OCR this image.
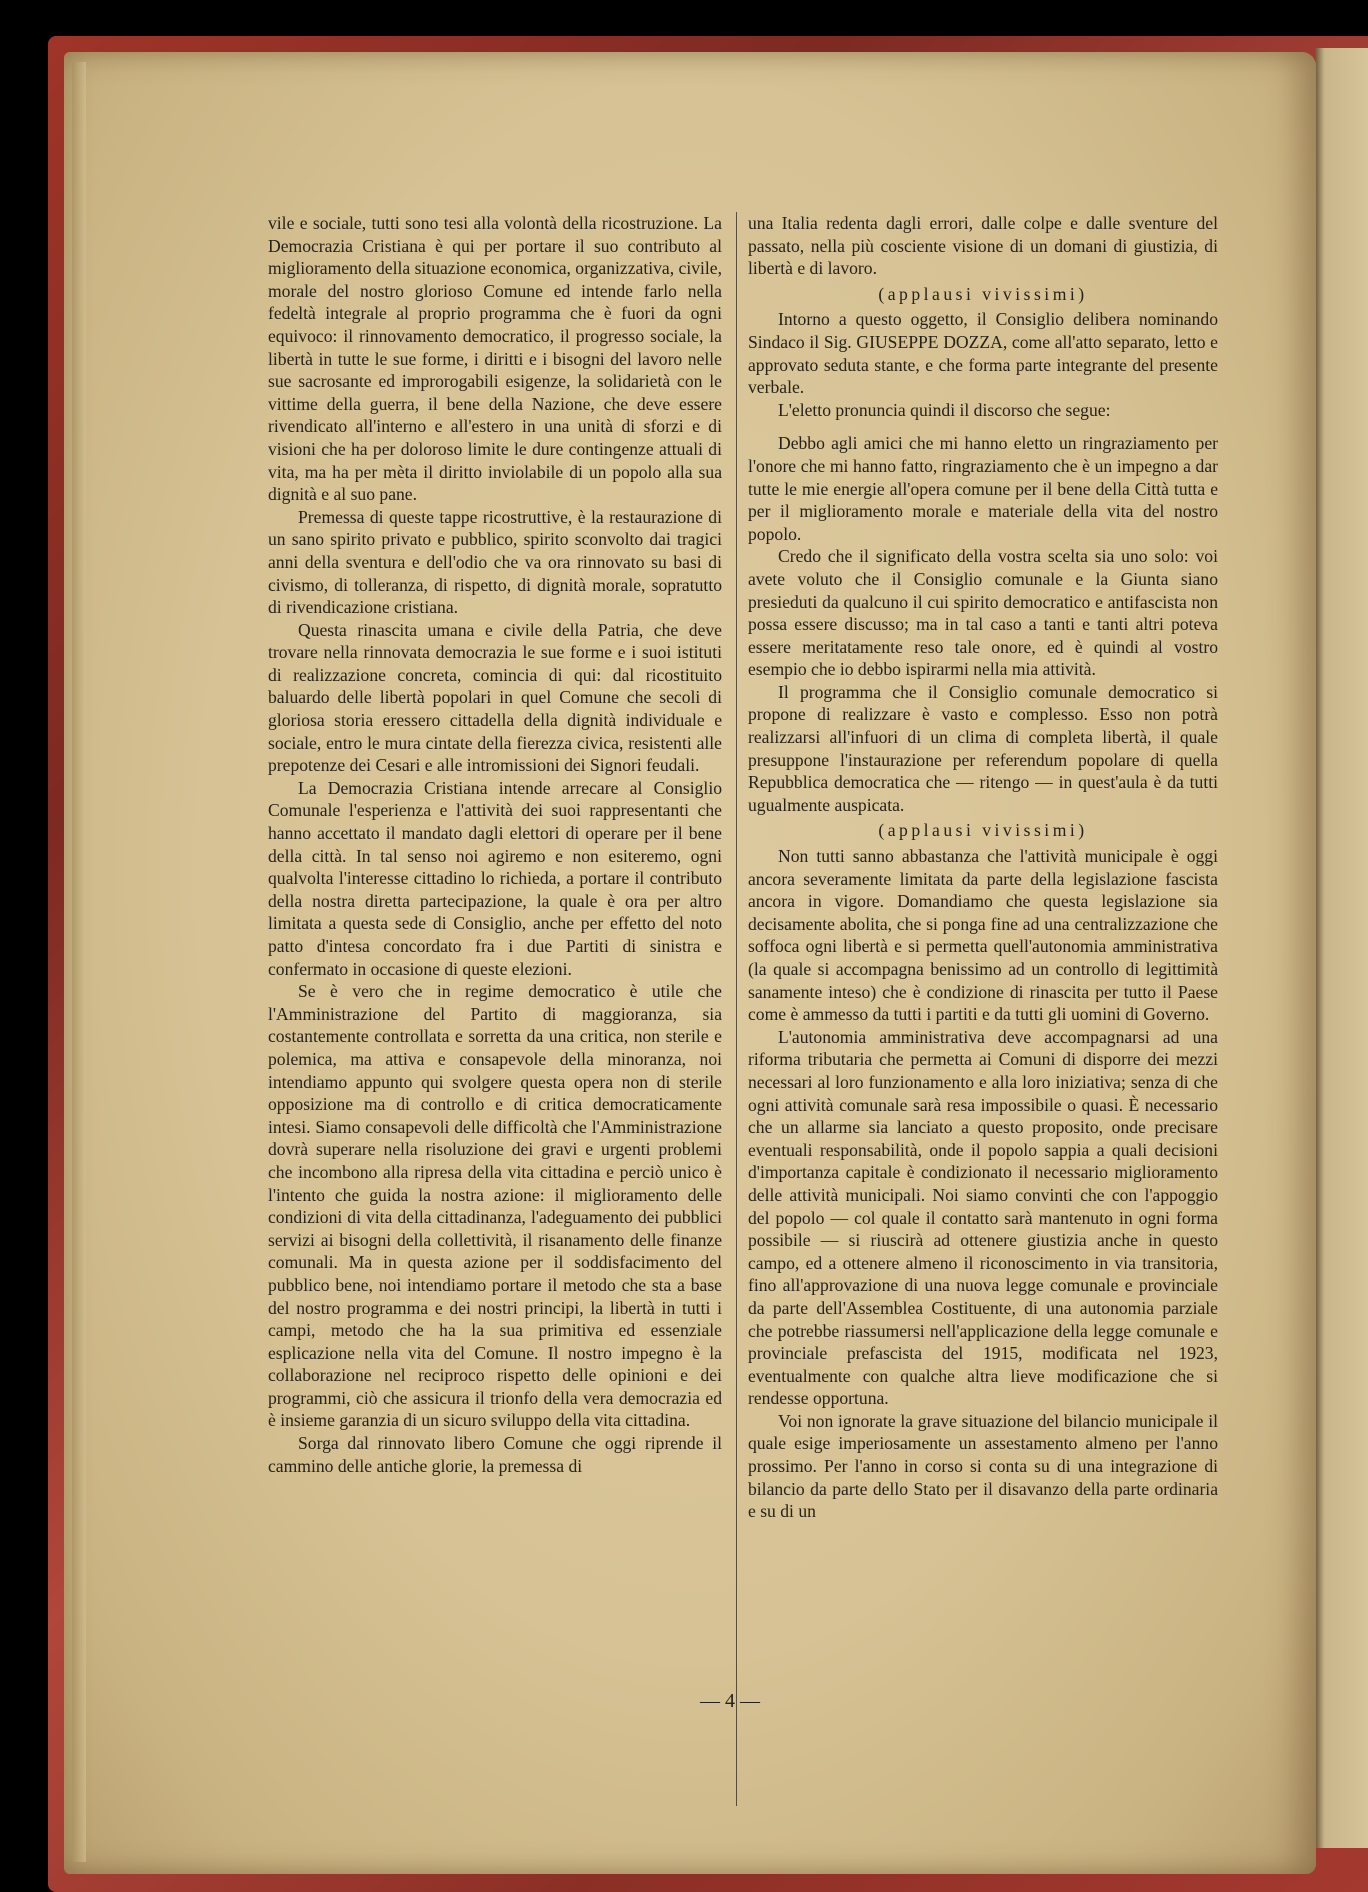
vile e sociale, tutti sono tesi alla volontà della ricostruzione. La Democrazia Cristiana è qui per portare il suo contributo al miglioramento della situazione economica, organizzativa, civile, morale del nostro glorioso Comune ed intende farlo nella fedeltà integrale al proprio programma che è fuori da ogni equivoco: il rinnovamento democratico, il progresso sociale, la libertà in tutte le sue forme, i diritti e i bisogni del lavoro nelle sue sacrosante ed improrogabili esigenze, la solidarietà con le vittime della guerra, il bene della Nazione, che deve essere rivendicato all'interno e all'estero in una unità di sforzi e di visioni che ha per doloroso limite le dure contingenze attuali di vita, ma ha per mèta il diritto inviolabile di un popolo alla sua dignità e al suo pane.

Premessa di queste tappe ricostruttive, è la restaurazione di un sano spirito privato e pubblico, spirito sconvolto dai tragici anni della sventura e dell'odio che va ora rinnovato su basi di civismo, di tolleranza, di rispetto, di dignità morale, sopratutto di rivendicazione cristiana.

Questa rinascita umana e civile della Patria, che deve trovare nella rinnovata democrazia le sue forme e i suoi istituti di realizzazione concreta, comincia di qui: dal ricostituito baluardo delle libertà popolari in quel Comune che secoli di gloriosa storia eressero cittadella della dignità individuale e sociale, entro le mura cintate della fierezza civica, resistenti alle prepotenze dei Cesari e alle intromissioni dei Signori feudali.

La Democrazia Cristiana intende arrecare al Consiglio Comunale l'esperienza e l'attività dei suoi rappresentanti che hanno accettato il mandato dagli elettori di operare per il bene della città. In tal senso noi agiremo e non esiteremo, ogni qualvolta l'interesse cittadino lo richieda, a portare il contributo della nostra diretta partecipazione, la quale è ora per altro limitata a questa sede di Consiglio, anche per effetto del noto patto d'intesa concordato fra i due Partiti di sinistra e confermato in occasione di queste elezioni.

Se è vero che in regime democratico è utile che l'Amministrazione del Partito di maggioranza, sia costantemente controllata e sorretta da una critica, non sterile e polemica, ma attiva e consapevole della minoranza, noi intendiamo appunto qui svolgere questa opera non di sterile opposizione ma di controllo e di critica democraticamente intesi. Siamo consapevoli delle difficoltà che l'Amministrazione dovrà superare nella risoluzione dei gravi e urgenti problemi che incombono alla ripresa della vita cittadina e perciò unico è l'intento che guida la nostra azione: il miglioramento delle condizioni di vita della cittadinanza, l'adeguamento dei pubblici servizi ai bisogni della collettività, il risanamento delle finanze comunali. Ma in questa azione per il soddisfacimento del pubblico bene, noi intendiamo portare il metodo che sta a base del nostro programma e dei nostri principi, la libertà in tutti i campi, metodo che ha la sua primitiva ed essenziale esplicazione nella vita del Comune. Il nostro impegno è la collaborazione nel reciproco rispetto delle opinioni e dei programmi, ciò che assicura il trionfo della vera democrazia ed è insieme garanzia di un sicuro sviluppo della vita cittadina.

Sorga dal rinnovato libero Comune che oggi riprende il cammino delle antiche glorie, la premessa di

una Italia redenta dagli errori, dalle colpe e dalle sventure del passato, nella più cosciente visione di un domani di giustizia, di libertà e di lavoro.

(applausi vivissimi)

Intorno a questo oggetto, il Consiglio delibera nominando Sindaco il Sig. GIUSEPPE DOZZA, come all'atto separato, letto e approvato seduta stante, e che forma parte integrante del presente verbale.

L'eletto pronuncia quindi il discorso che segue:

Debbo agli amici che mi hanno eletto un ringraziamento per l'onore che mi hanno fatto, ringraziamento che è un impegno a dar tutte le mie energie all'opera comune per il bene della Città tutta e per il miglioramento morale e materiale della vita del nostro popolo.

Credo che il significato della vostra scelta sia uno solo: voi avete voluto che il Consiglio comunale e la Giunta siano presieduti da qualcuno il cui spirito democratico e antifascista non possa essere discusso; ma in tal caso a tanti e tanti altri poteva essere meritatamente reso tale onore, ed è quindi al vostro esempio che io debbo ispirarmi nella mia attività.

Il programma che il Consiglio comunale democratico si propone di realizzare è vasto e complesso. Esso non potrà realizzarsi all'infuori di un clima di completa libertà, il quale presuppone l'instaurazione per referendum popolare di quella Repubblica democratica che — ritengo — in quest'aula è da tutti ugualmente auspicata.

(applausi vivissimi)

Non tutti sanno abbastanza che l'attività municipale è oggi ancora severamente limitata da parte della legislazione fascista ancora in vigore. Domandiamo che questa legislazione sia decisamente abolita, che si ponga fine ad una centralizzazione che soffoca ogni libertà e si permetta quell'autonomia amministrativa (la quale si accompagna benissimo ad un controllo di legittimità sanamente inteso) che è condizione di rinascita per tutto il Paese come è ammesso da tutti i partiti e da tutti gli uomini di Governo.

L'autonomia amministrativa deve accompagnarsi ad una riforma tributaria che permetta ai Comuni di disporre dei mezzi necessari al loro funzionamento e alla loro iniziativa; senza di che ogni attività comunale sarà resa impossibile o quasi. È necessario che un allarme sia lanciato a questo proposito, onde precisare eventuali responsabilità, onde il popolo sappia a quali decisioni d'importanza capitale è condizionato il necessario miglioramento delle attività municipali. Noi siamo convinti che con l'appoggio del popolo — col quale il contatto sarà mantenuto in ogni forma possibile — si riuscirà ad ottenere giustizia anche in questo campo, ed a ottenere almeno il riconoscimento in via transitoria, fino all'approvazione di una nuova legge comunale e provinciale da parte dell'Assemblea Costituente, di una autonomia parziale che potrebbe riassumersi nell'applicazione della legge comunale e provinciale prefascista del 1915, modificata nel 1923, eventualmente con qualche altra lieve modificazione che si rendesse opportuna.

Voi non ignorate la grave situazione del bilancio municipale il quale esige imperiosamente un assestamento almeno per l'anno prossimo. Per l'anno in corso si conta su di una integrazione di bilancio da parte dello Stato per il disavanzo della parte ordinaria e su di un

— 4 —
